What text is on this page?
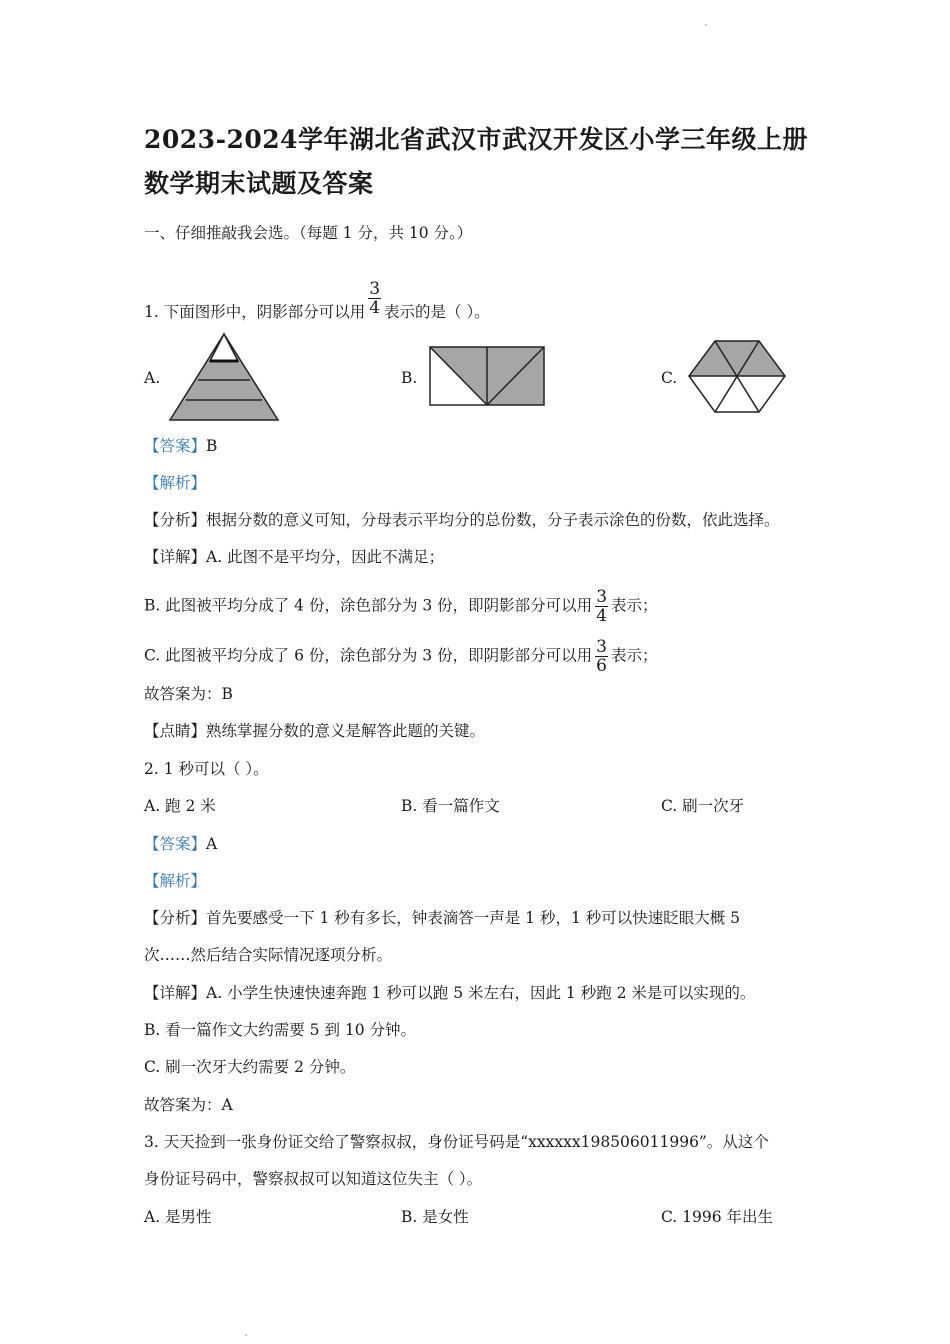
2023-2024学年湖北省武汉市武汉开发区小学三年级上册数学期末试题及答案
一、仔细推敲我会选。（每题 1 分，共 10 分。）
1. 下面图形中，阴影部分可以用 $\frac{3}{4}$ 表示的是（ ）。
A.	B.	C.
【答案】B
【解析】
【分析】根据分数的意义可知，分母表示平均分的总份数，分子表示涂色的份数，依此选择。
【详解】A. 此图不是平均分，因此不满足；
B. 此图被平均分成了 4 份，涂色部分为 3 份，即阴影部分可以用 $\frac{3}{4}$ 表示；
C. 此图被平均分成了 6 份，涂色部分为 3 份，即阴影部分可以用 $\frac{3}{6}$ 表示；
故答案为：B
【点睛】熟练掌握分数的意义是解答此题的关键。
2. 1 秒可以（ ）。
A. 跑 2 米	B. 看一篇作文	C. 刷一次牙
【答案】A
【解析】
【分析】首先要感受一下 1 秒有多长，钟表滴答一声是 1 秒，1 秒可以快速眨眼大概 5
次……然后结合实际情况逐项分析。
【详解】A. 小学生快速快速奔跑 1 秒可以跑 5 米左右，因此 1 秒跑 2 米是可以实现的。
B. 看一篇作文大约需要 5 到 10 分钟。
C. 刷一次牙大约需要 2 分钟。
故答案为：A
3. 天天捡到一张身份证交给了警察叔叔，身份证号码是“xxxxxx198506011996”。从这个
身份证号码中，警察叔叔可以知道这位失主（ ）。
A. 是男性	B. 是女性	C. 1996 年出生
